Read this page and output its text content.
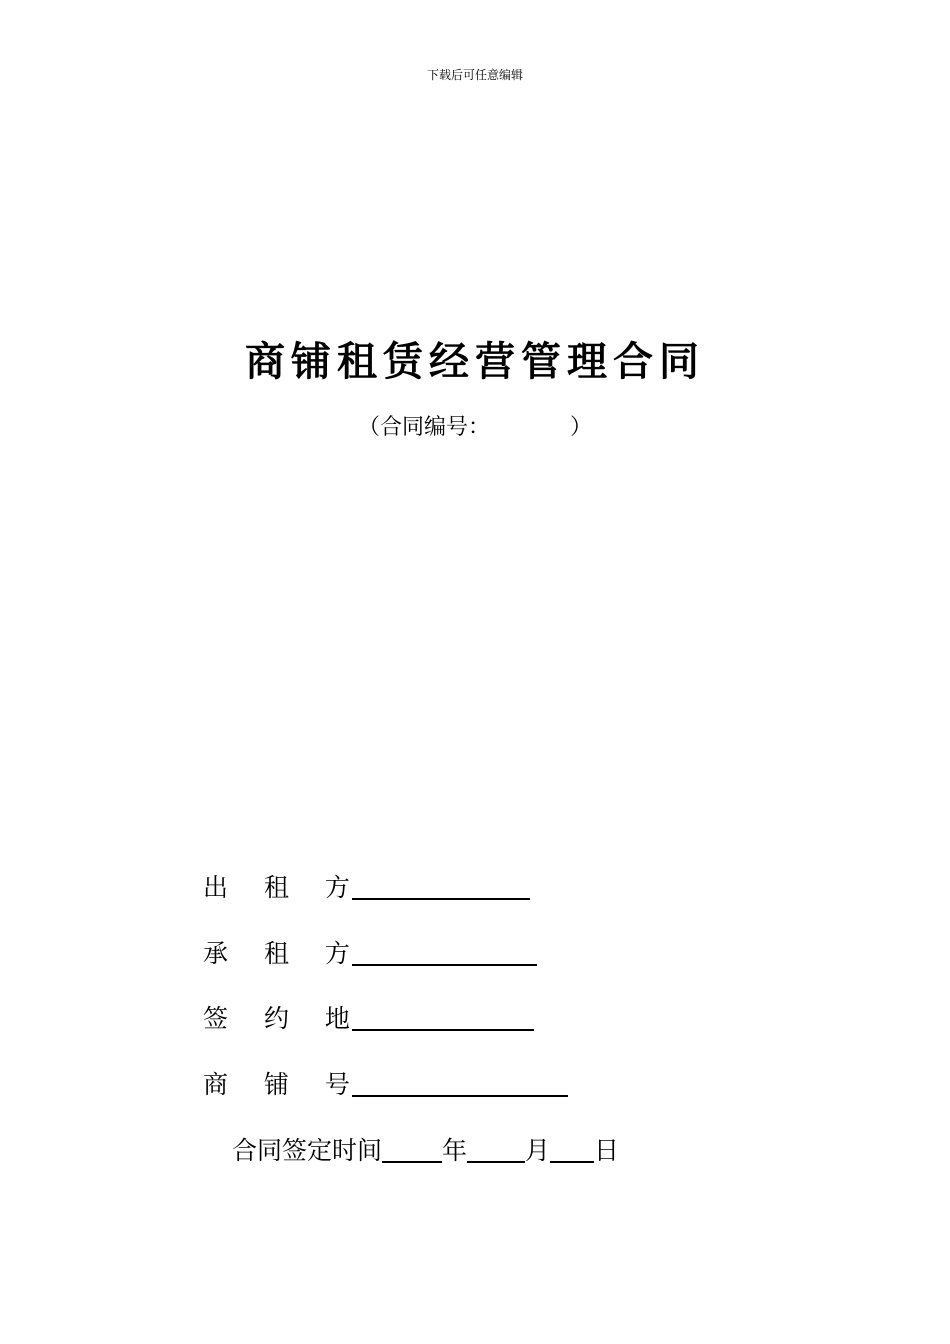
下载后可任意编辑
商铺租赁经营管理合同
（合同编号：	）
出 租 方
承 租 方
签 约 地
商 铺 号
合同签定时间 年 月 日
